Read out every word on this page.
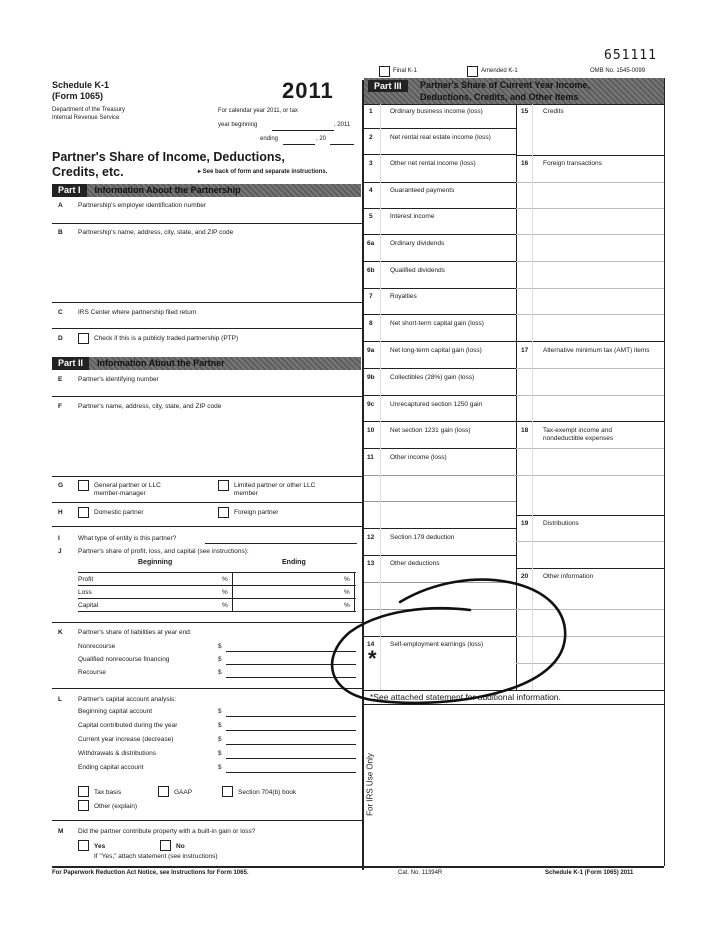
651111
Final K-1	Amended K-1	OMB No. 1545-0099
Schedule K-1
(Form 1065)	2011
Department of the Treasury
Internal Revenue Service
For calendar year 2011, or tax
year beginning	, 2011
ending	, 20
Partner's Share of Income, Deductions,
Credits, etc.	▸ See back of form and separate instructions.
Part I Information About the Partnership
A Partnership's employer identification number
B Partnership's name, address, city, state, and ZIP code
C IRS Center where partnership filed return
D	Check if this is a publicly traded partnership (PTP)
Part II Information About the Partner
E Partner's identifying number
F Partner's name, address, city, state, and ZIP code
G	General partner or LLC
member-manager
Limited partner or other LLC
member
H	Domestic partner	Foreign partner
I	What type of entity is this partner?
J	Partner's share of profit, loss, and capital (see instructions):
Beginning	Ending
Profit	%	%
Loss	%	%
Capital	%	%
K Partner's share of liabilities at year end:
Nonrecourse	$
Qualified nonrecourse financing	$
Recourse	$
L Partner's capital account analysis:
Beginning capital account	$
Capital contributed during the year	$
Current year increase (decrease)	$
Withdrawals & distributions	$
Ending capital account	$
Tax basis	GAAP	Section 704(b) book
Other (explain)
M Did the partner contribute property with a built-in gain or loss?
Yes	No
If "Yes," attach statement (see instructions)
For Paperwork Reduction Act Notice, see Instructions for Form 1065.	Cat. No. 11394R	Schedule K-1 (Form 1065) 2011
Part III	Partner's Share of Current Year Income,
Deductions, Credits, and Other Items
1	Ordinary business income (loss)
2	Net rental real estate income (loss)
3	Other net rental income (loss)
4	Guaranteed payments
5	Interest income
6a Ordinary dividends
6b Qualified dividends
7	Royalties
8	Net short-term capital gain (loss)
9a Net long-term capital gain (loss)
9b Collectibles (28%) gain (loss)
9c Unrecaptured section 1250 gain
10 Net section 1231 gain (loss)
11 Other income (loss)
12 Section 179 deduction
13 Other deductions
14 Self-employment earnings (loss)
15 Credits
16 Foreign transactions
17 Alternative minimum tax (AMT) items
18 Tax-exempt income and
nondeductible expenses
19 Distributions
20 Other information
*
*See attached statement for additional information.
For IRS Use Only
